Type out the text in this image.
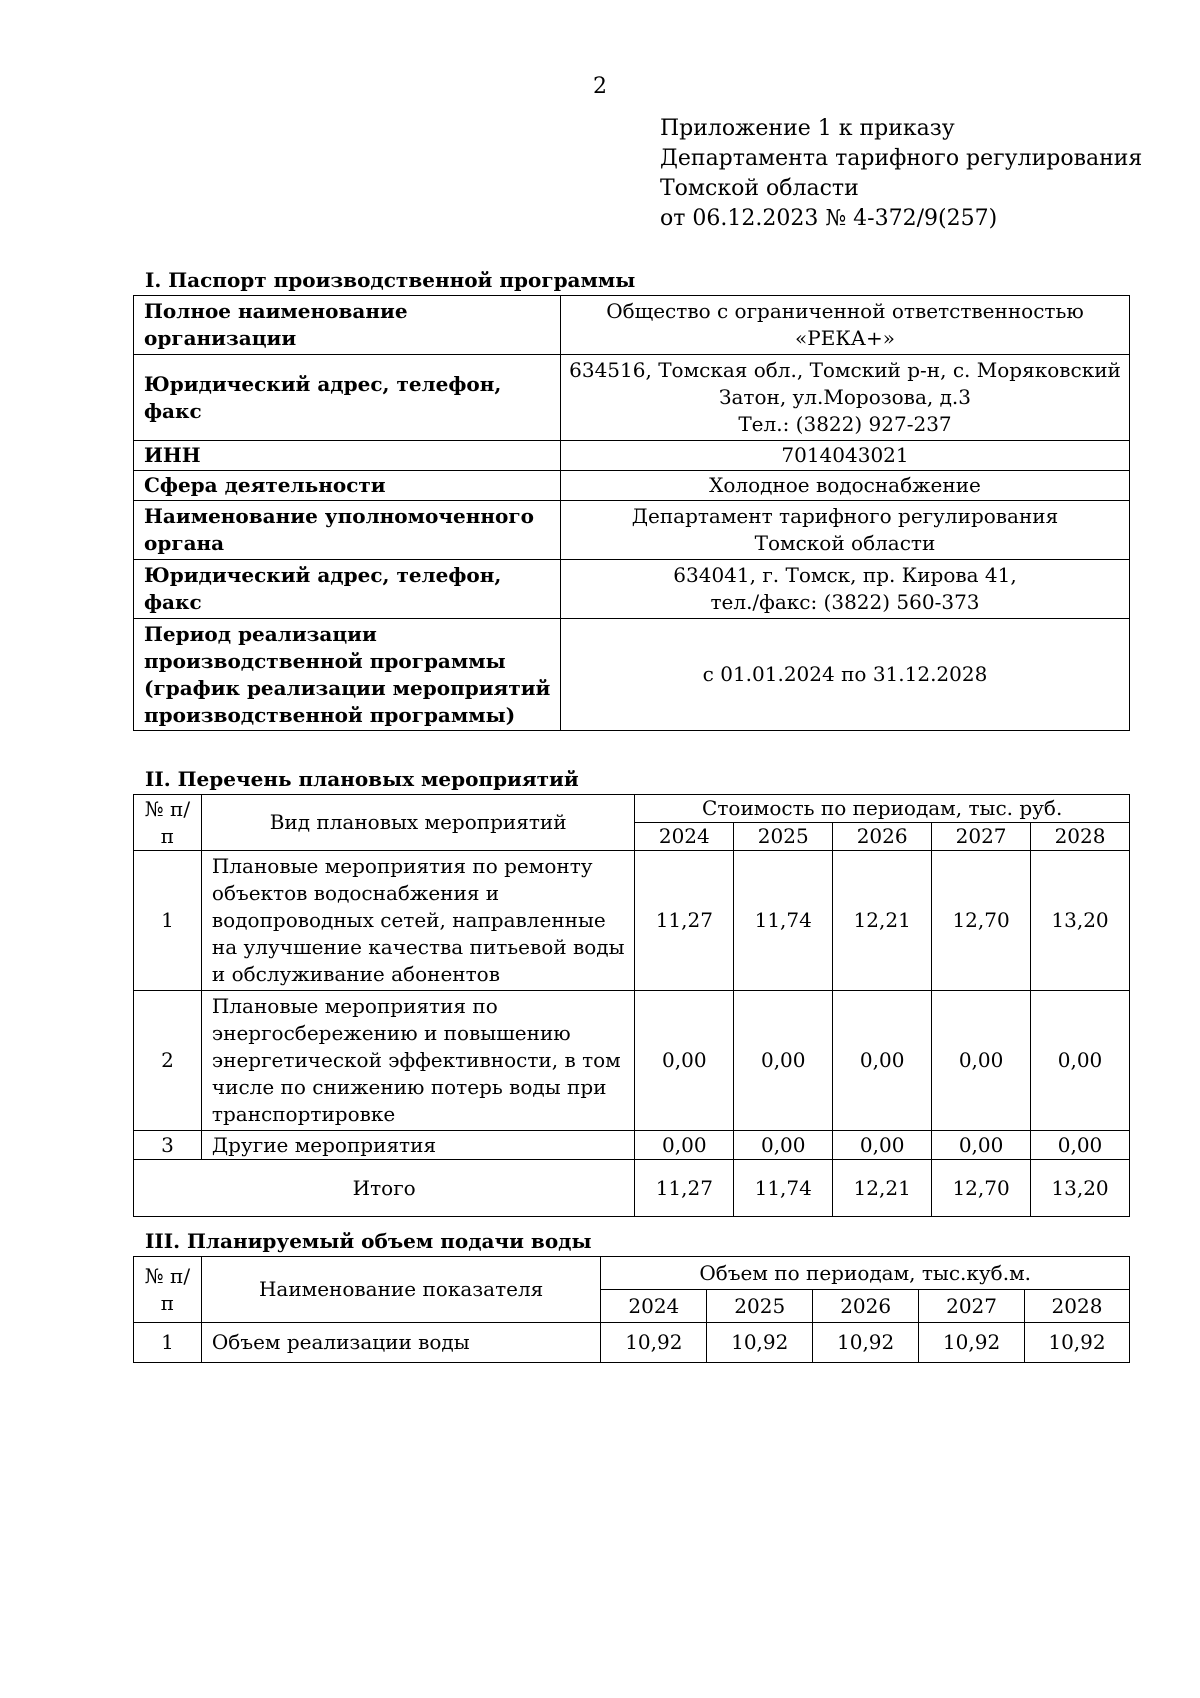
2
Приложение 1 к приказу
Департамента тарифного регулирования
Томской области
от 06.12.2023 № 4-372/9(257)
I. Паспорт производственной программы
Полное наименование организации	Общество с ограниченной ответственностью
«РЕКА+»

Юридический адрес, телефон, факс	634516, Томская обл., Томский р-н, с. Моряковский
Затон, ул.Морозова, д.3
Тел.: (3822) 927-237

ИНН	7014043021

Сфера деятельности	Холодное водоснабжение

Наименование уполномоченного органа	Департамент тарифного регулирования
Томской области

Юридический адрес, телефон, факс	634041, г. Томск, пр. Кирова 41,
тел./факс: (3822) 560-373

Период реализации производственной программы (график реализации мероприятий производственной программы)	с 01.01.2024 по 31.12.2028
II. Перечень плановых мероприятий
№ п/п	Вид плановых мероприятий	Стоимость по периодам, тыс. руб.				
		2024	2025	2026	2027	2028
1	Плановые мероприятия по ремонту объектов водоснабжения и водопроводных сетей, направленные на улучшение качества питьевой воды и обслуживание абонентов	11,27	11,74	12,21	12,70	13,20
2	Плановые мероприятия по энергосбережению и повышению энергетической эффективности, в том числе по снижению потерь воды при транспортировке	0,00	0,00	0,00	0,00	0,00
3	Другие мероприятия	0,00	0,00	0,00	0,00	0,00
Итого		11,27	11,74	12,21	12,70	13,20
III. Планируемый объем подачи воды
№ п/п	Наименование показателя	Объем по периодам, тыс.куб.м.				
		2024	2025	2026	2027	2028
1	Объем реализации воды	10,92	10,92	10,92	10,92	10,92
